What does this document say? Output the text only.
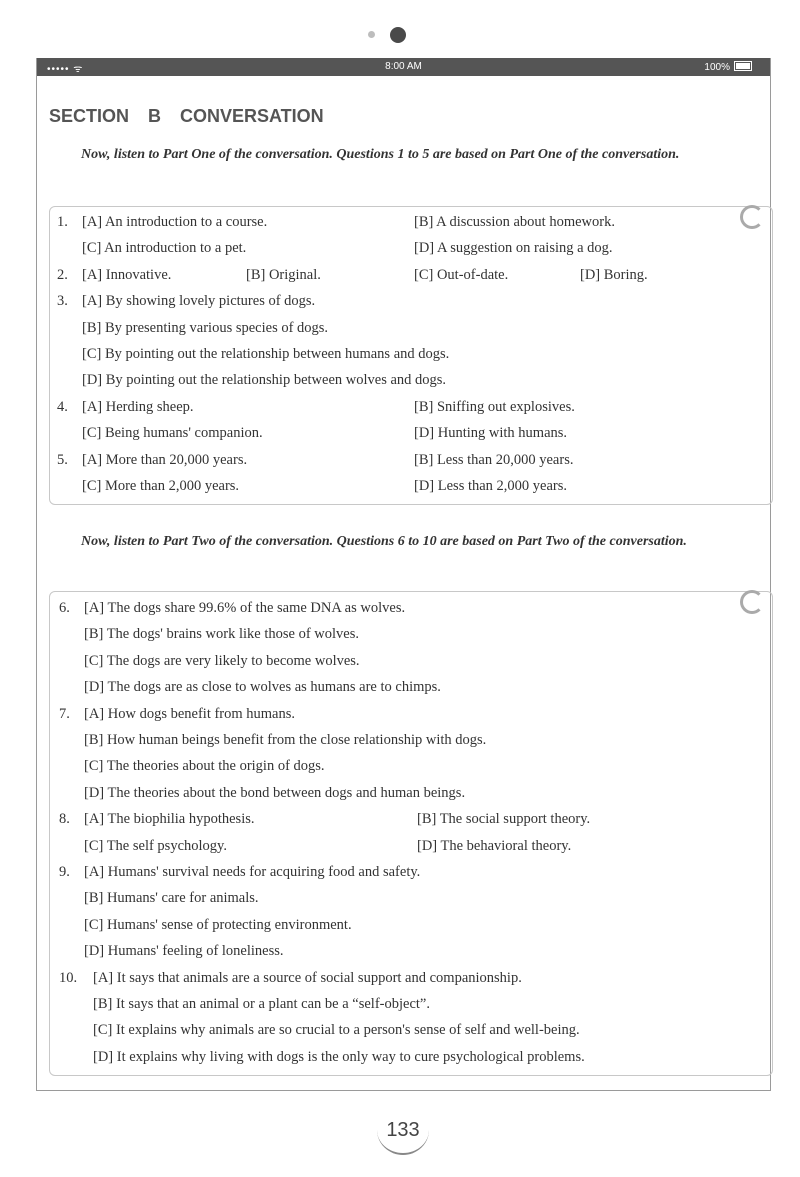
••••• ᯤ	8:00 AM	100%
SECTION B CONVERSATION
Now, listen to Part One of the conversation. Questions 1 to 5 are based on Part One of the conversation.
1. [A] An introduction to a course.	[B] A discussion about homework.
[C] An introduction to a pet.	[D] A suggestion on raising a dog.
2. [A] Innovative.	[B] Original.	[C] Out-of-date.	[D] Boring.
3. [A] By showing lovely pictures of dogs.
[B] By presenting various species of dogs.
[C] By pointing out the relationship between humans and dogs.
[D] By pointing out the relationship between wolves and dogs.
4. [A] Herding sheep.	[B] Sniffing out explosives.
[C] Being humans' companion.	[D] Hunting with humans.
5. [A] More than 20,000 years.	[B] Less than 20,000 years.
[C] More than 2,000 years.	[D] Less than 2,000 years.
Now, listen to Part Two of the conversation. Questions 6 to 10 are based on Part Two of the conversation.
6. [A] The dogs share 99.6% of the same DNA as wolves.
[B] The dogs' brains work like those of wolves.
[C] The dogs are very likely to become wolves.
[D] The dogs are as close to wolves as humans are to chimps.
7. [A] How dogs benefit from humans.
[B] How human beings benefit from the close relationship with dogs.
[C] The theories about the origin of dogs.
[D] The theories about the bond between dogs and human beings.
8. [A] The biophilia hypothesis.	[B] The social support theory.
[C] The self psychology.	[D] The behavioral theory.
9. [A] Humans' survival needs for acquiring food and safety.
[B] Humans' care for animals.
[C] Humans' sense of protecting environment.
[D] Humans' feeling of loneliness.
10. [A] It says that animals are a source of social support and companionship.
[B] It says that an animal or a plant can be a “self-object”.
[C] It explains why animals are so crucial to a person's sense of self and well-being.
[D] It explains why living with dogs is the only way to cure psychological problems.
133
